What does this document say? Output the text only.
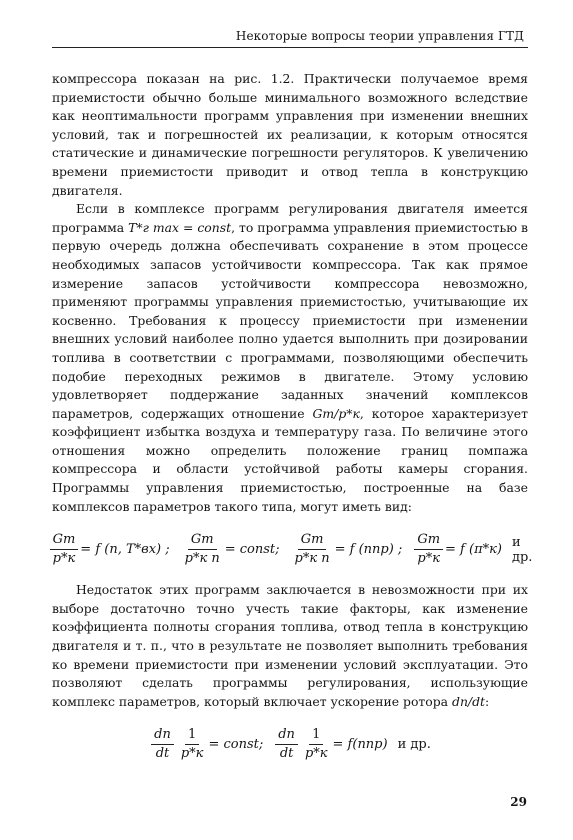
Некоторые вопросы теории управления ГТД

компрессора показан на рис. 1.2. Практически получаемое время приемистости обычно больше минимального возможного вследствие как неоптимальности программ управления при изменении внешних условий, так и погрешностей их реализации, к которым относятся статические и динамические погрешности регуляторов. К увеличению времени приемистости приводит и отвод тепла в конструкцию двигателя.

Если в комплексе программ регулирования двигателя имеется программа T*г max = const, то программа управления приемистостью в первую очередь должна обеспечивать сохранение в этом процессе необходимых запасов устойчивости компрессора. Так как прямое измерение запасов устойчивости компрессора невозможно, применяют программы управления приемистостью, учитывающие их косвенно. Требования к процессу приемистости при изменении внешних условий наиболее полно удается выполнить при дозировании топлива в соответствии с программами, позволяющими обеспечить подобие переходных режимов в двигателе. Этому условию удовлетворяет поддержание заданных значений комплексов параметров, содержащих отношение Gт/p*к, которое характеризует коэффициент избытка воздуха и температуру газа. По величине этого отношения можно определить положение границ помпажа компрессора и области устойчивой работы камеры сгорания. Программы управления приемистостью, построенные на базе комплексов параметров такого типа, могут иметь вид:

$\frac{Gт}{p*к} = f$ (n, T*вх) ; $\frac{Gт}{\text{p*к n}}$ = const; $\frac{Gт}{\text{p*к n}} = f$ (nпр) ; $\frac{Gт}{p*к} = f$ (π*к) и др.

Недостаток этих программ заключается в невозможности при их выборе достаточно точно учесть такие факторы, как изменение коэффициента полноты сгорания топлива, отвод тепла в конструкцию двигателя и т. п., что в результате не позволяет выполнить требования ко времени приемистости при изменении условий эксплуатации. Это позволяют сделать программы регулирования, использующие комплекс параметров, который включает ускорение ротора dn/dt:

$\frac{dn}{dt} \frac{1}{p*к}$ = const; $\frac{dn}{dt} \frac{1}{p*к} = f(nпр)$ и др.
29
